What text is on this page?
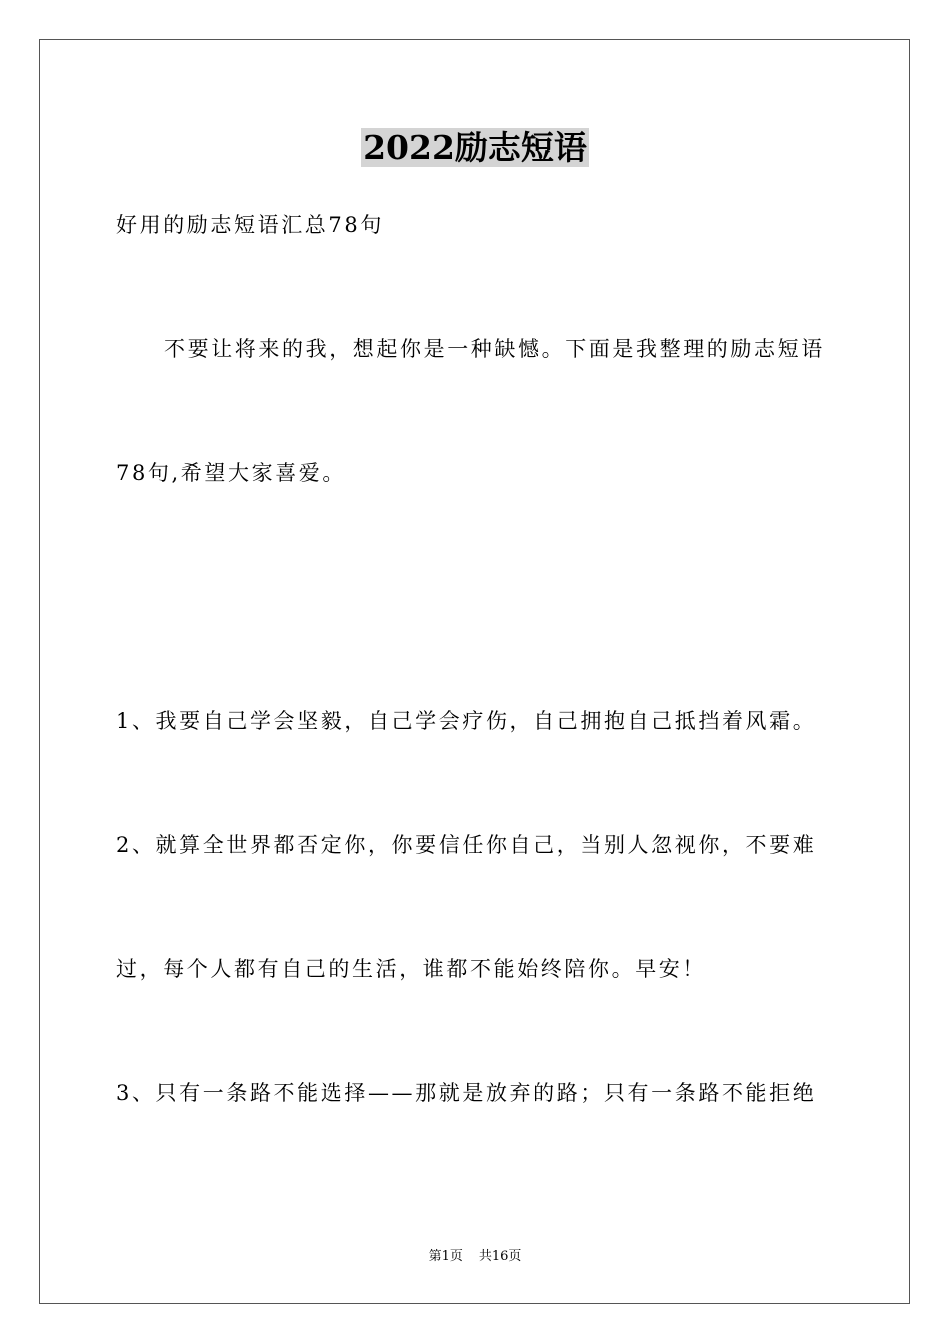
2022励志短语
好用的励志短语汇总78句
不要让将来的我，想起你是一种缺憾。下面是我整理的励志短语
78句,希望大家喜爱。
1、我要自己学会坚毅，自己学会疗伤，自己拥抱自己抵挡着风霜。
2、就算全世界都否定你，你要信任你自己，当别人忽视你，不要难
过，每个人都有自己的生活，谁都不能始终陪你。早安！
3、只有一条路不能选择——那就是放弃的路；只有一条路不能拒绝
第1页 共16页
